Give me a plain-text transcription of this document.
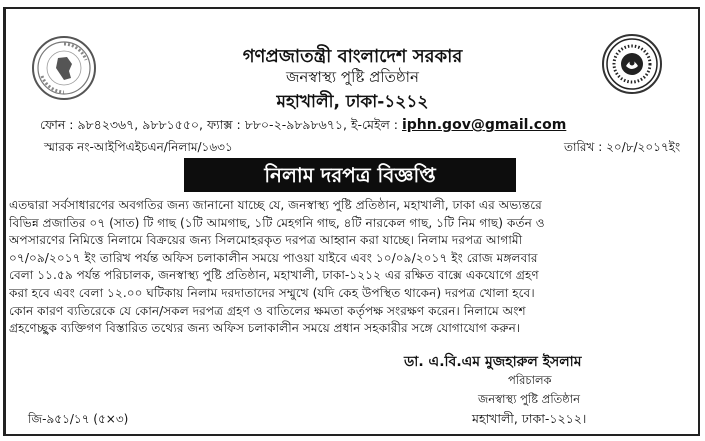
গণপ্রজাতন্ত্রী বাংলাদেশ সরকার
জনস্বাস্থ্য পুষ্টি প্রতিষ্ঠান
মহাখালী, ঢাকা-১২১২
ফোন : ৯৮৪২৩৬৭, ৯৮৮১৫৫০, ফ্যাক্স : ৮৮০-২-৯৮৯৮৬৭১, ই-মেইল : iphn.gov@gmail.com
স্মারক নং-আইপিএইচএন/নিলাম/১৬৩১	তারিখ : ২০/৮/২০১৭ইং
নিলাম দরপত্র বিজ্ঞপ্তি
এতদ্বারা সর্বসাধারণের অবগতির জন্য জানানো যাচ্ছে যে, জনস্বাস্থ্য পুষ্টি প্রতিষ্ঠান, মহাখালী, ঢাকা এর অভ্যন্তরে
বিভিন্ন প্রজাতির ০৭ (সাত) টি গাছ (১টি আমগাছ, ১টি মেহগনি গাছ, ৪টি নারকেল গাছ, ১টি নিম গাছ) কর্তন ও
অপসারণের নিমিত্তে নিলামে বিক্রয়ের জন্য সিলমোহরকৃত দরপত্র আহ্বান করা যাচ্ছে। নিলাম দরপত্র আগামী
০৭/০৯/২০১৭ ইং তারিখ পর্যন্ত অফিস চলাকালীন সময়ে পাওয়া যাইবে এবং ১০/০৯/২০১৭ ইং রোজ মঙ্গলবার
বেলা ১১.৫৯ পর্যন্ত পরিচালক, জনস্বাস্থ্য পুষ্টি প্রতিষ্ঠান, মহাখালী, ঢাকা-১২১২ এর রক্ষিত বাক্সে একযোগে গ্রহণ
করা হবে এবং বেলা ১২.০০ ঘটিকায় নিলাম দরদাতাদের সম্মুখে (যদি কেহ উপস্থিত থাকেন) দরপত্র খোলা হবে।
কোন কারণ ব্যতিরেকে যে কোন/সকল দরপত্র গ্রহণ ও বাতিলের ক্ষমতা কর্তৃপক্ষ সংরক্ষণ করেন। নিলামে অংশ
গ্রহণেচ্ছুক ব্যক্তিগণ বিস্তারিত তথ্যের জন্য অফিস চলাকালীন সময়ে প্রধান সহকারীর সঙ্গে যোগাযোগ করুন।
ডা. এ.বি.এম মুজহারুল ইসলাম
পরিচালক
জনস্বাস্থ্য পুষ্টি প্রতিষ্ঠান
মহাখালী, ঢাকা-১২১২।
জি-৯৫১/১৭ (৫×৩)
